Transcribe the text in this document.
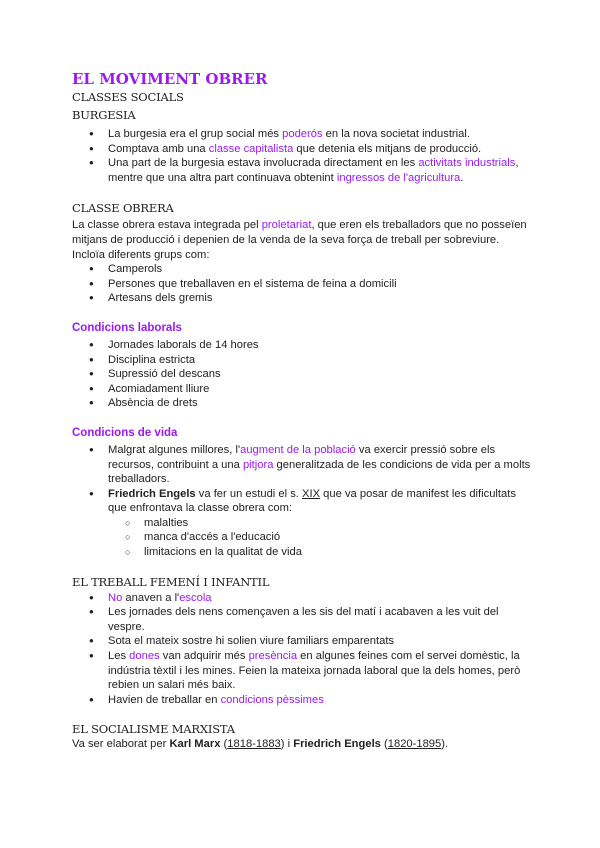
EL MOVIMENT OBRER
CLASSES SOCIALS
BURGESIA
● La burgesia era el grup social més poderós en la nova societat industrial.
● Comptava amb una classe capitalista que detenia els mitjans de producció.
● Una part de la burgesia estava involucrada directament en les activitats industrials, mentre que una altra part continuava obtenint ingressos de l'agricultura.
CLASSE OBRERA

La classe obrera estava integrada pel proletariat, que eren els treballadors que no posseïen mitjans de producció i depenien de la venda de la seva força de treball per sobreviure. Incloïa diferents grups com:

● Camperols
● Persones que treballaven en el sistema de feina a domicili
● Artesans dels gremis
Condicions laborals
● Jornades laborals de 14 hores
● Disciplina estricta
● Supressió del descans
● Acomiadament lliure
● Absència de drets
Condicions de vida
● Malgrat algunes millores, l'augment de la població va exercir pressió sobre els recursos, contribuint a una pitjora generalitzada de les condicions de vida per a molts treballadors.
● Friedrich Engels va fer un estudi el s. XIX que va posar de manifest les dificultats que enfrontava la classe obrera com:
○ malalties
○ manca d'accés a l'educació
○ limitacions en la qualitat de vida
EL TREBALL FEMENÍ I INFANTIL
● No anaven a l'escola
● Les jornades dels nens començaven a les sis del matí i acabaven a les vuit del vespre.
● Sota el mateix sostre hi solien viure familiars emparentats
● Les dones van adquirir més presència en algunes feines com el servei domèstic, la indústria tèxtil i les mines. Feien la mateixa jornada laboral que la dels homes, però rebien un salari més baix.
● Havien de treballar en condicions pèssimes
EL SOCIALISME MARXISTA

Va ser elaborat per Karl Marx (1818-1883) i Friedrich Engels (1820-1895).
